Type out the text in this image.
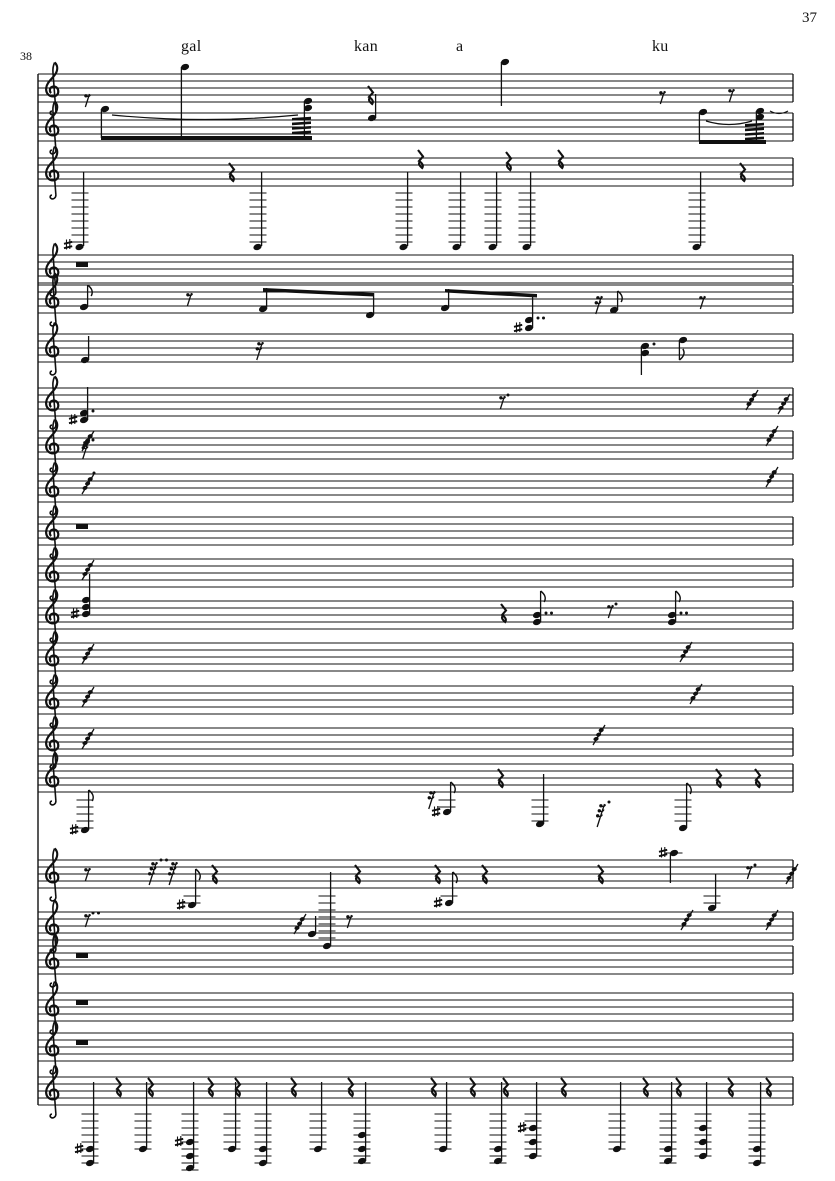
37
38
gal	kan	a	ku
